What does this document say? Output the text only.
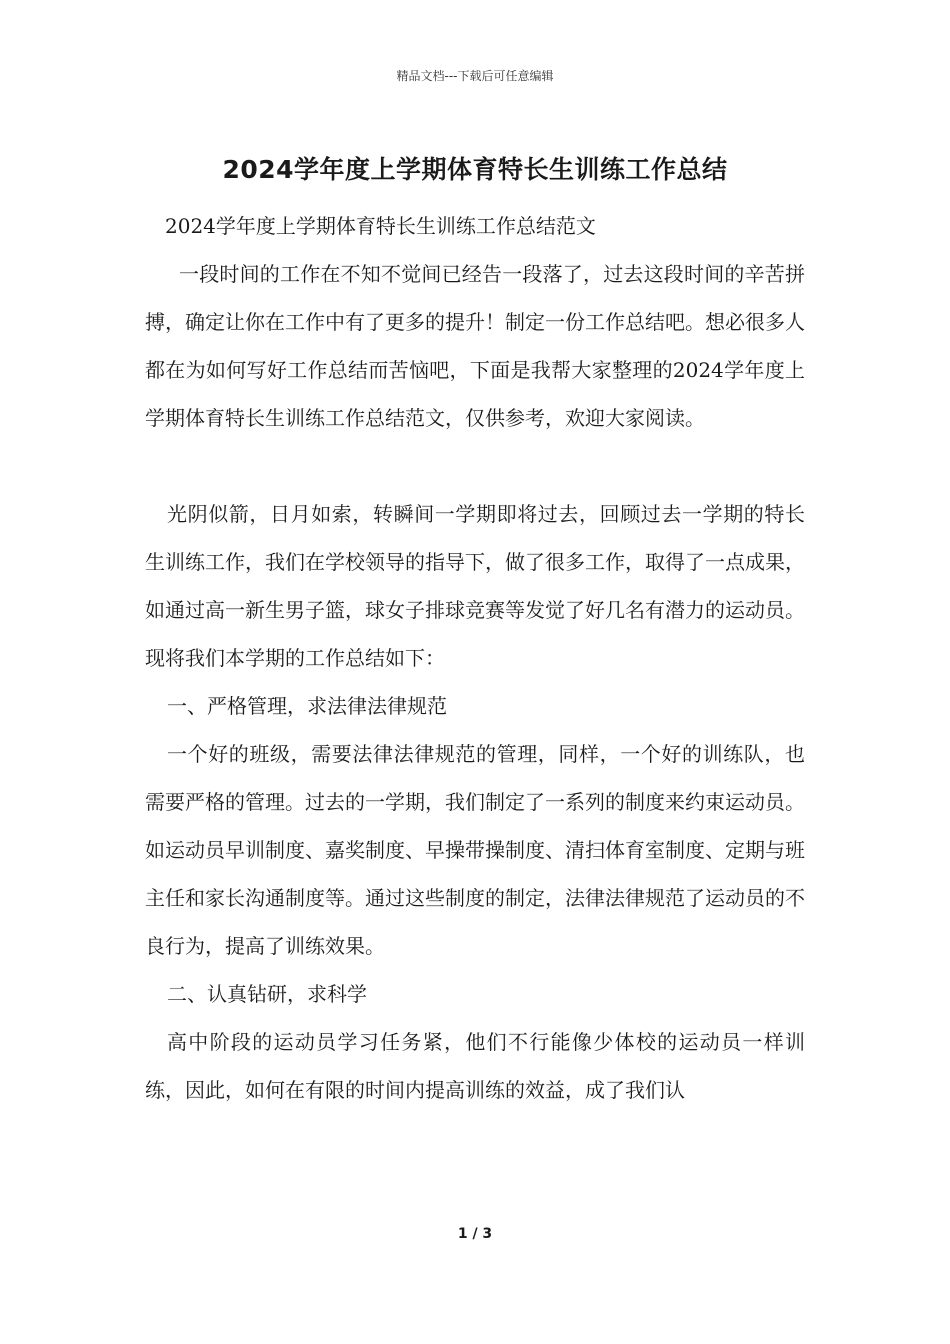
精品文档---下载后可任意编辑
2024学年度上学期体育特长生训练工作总结

2024学年度上学期体育特长生训练工作总结范文

一段时间的工作在不知不觉间已经告一段落了，过去这段时间的辛苦拼搏，确定让你在工作中有了更多的提升！制定一份工作总结吧。想必很多人都在为如何写好工作总结而苦恼吧，下面是我帮大家整理的2024学年度上学期体育特长生训练工作总结范文，仅供参考，欢迎大家阅读。

光阴似箭，日月如索，转瞬间一学期即将过去，回顾过去一学期的特长生训练工作，我们在学校领导的指导下，做了很多工作，取得了一点成果，如通过高一新生男子篮，球女子排球竞赛等发觉了好几名有潜力的运动员。现将我们本学期的工作总结如下：

一、严格管理，求法律法律规范

一个好的班级，需要法律法律规范的管理，同样，一个好的训练队，也需要严格的管理。过去的一学期，我们制定了一系列的制度来约束运动员。如运动员早训制度、嘉奖制度、早操带操制度、清扫体育室制度、定期与班主任和家长沟通制度等。通过这些制度的制定，法律法律规范了运动员的不良行为，提高了训练效果。

二、认真钻研，求科学

高中阶段的运动员学习任务紧，他们不行能像少体校的运动员一样训练，因此，如何在有限的时间内提高训练的效益，成了我们认

1 / 3
